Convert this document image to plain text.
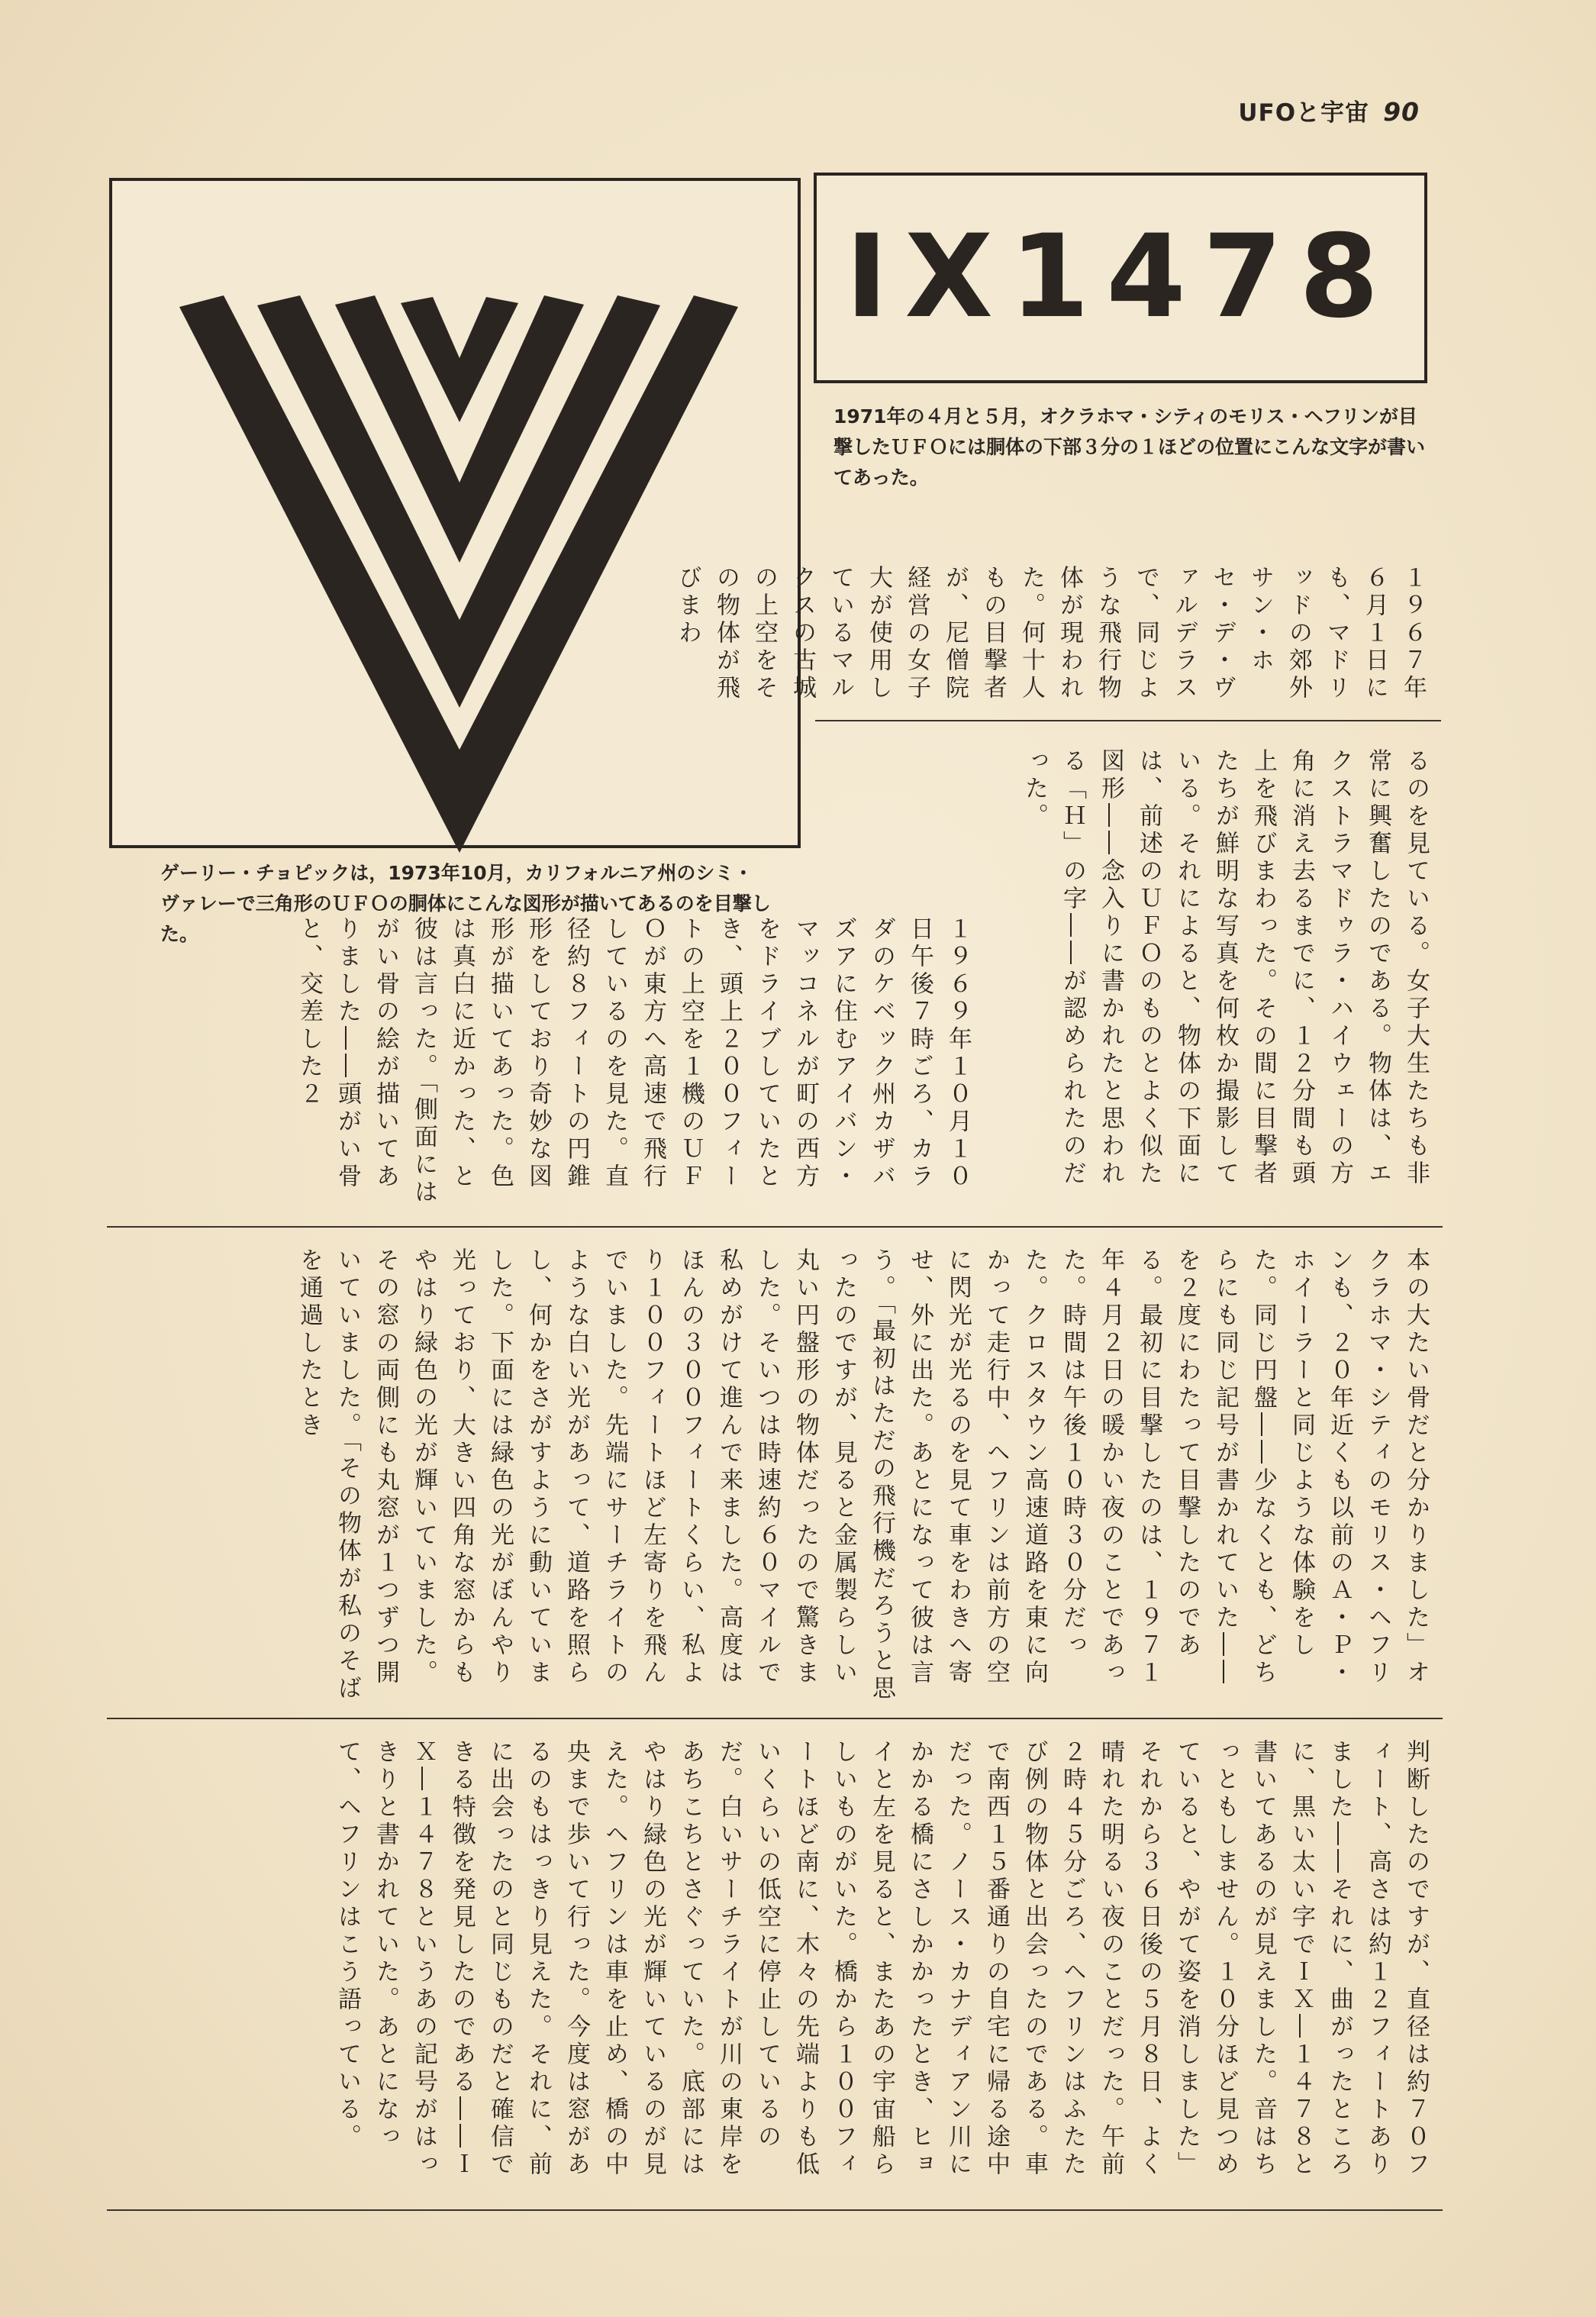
UFOと宇宙 90
ゲーリー・チョピックは，1973年10月，カリフォルニア州のシミ・ヴァレーで三角形のＵＦＯの胴体にこんな図形が描いてあるのを目撃した。
IX1478
1971年の４月と５月，オクラホマ・シティのモリス・ヘフリンが目撃したＵＦＯには胴体の下部３分の１ほどの位置にこんな文字が書いてあった。
１９６７年６月１日にも、マドリッドの郊外サン・ホセ・デ・ヴァルデラスで、同じような飛行物体が現われた。何十人もの目撃者が、尼僧院経営の女子大が使用しているマルクスの古城の上空をその物体が飛びまわ
るのを見ている。女子大生たちも非常に興奮したのである。物体は、エクストラマドゥラ・ハイウェーの方角に消え去るまでに、１２分間も頭上を飛びまわった。その間に目撃者たちが鮮明な写真を何枚か撮影している。それによると、物体の下面には、前述のＵＦＯのものとよく似た図形――念入りに書かれたと思われる「Ｈ」の字――が認められたのだった。
１９６９年１０月１０日午後７時ごろ、カラダのケベック州カザバズアに住むアイバン・マッコネルが町の西方をドライブしていたとき、頭上２００フィートの上空を１機のＵＦＯが東方へ高速で飛行しているのを見た。直径約８フィートの円錐形をしており奇妙な図形が描いてあった。色は真白に近かった、と彼は言った。「側面にはがい骨の絵が描いてありました――頭がい骨と、交差した２
本の大たい骨だと分かりました」オクラホマ・シティのモリス・ヘフリンも、２０年近くも以前のＡ・Ｐ・ホイーラーと同じような体験をした。同じ円盤――少なくとも、どちらにも同じ記号が書かれていた――を２度にわたって目撃したのである。最初に目撃したのは、１９７１年４月２日の暖かい夜のことであった。時間は午後１０時３０分だった。クロスタウン高速道路を東に向かって走行中、ヘフリンは前方の空に閃光が光るのを見て車をわきへ寄せ、外に出た。あとになって彼は言う。「最初はただの飛行機だろうと思ったのですが、見ると金属製らしい丸い円盤形の物体だったので驚きました。そいつは時速約６０マイルで私めがけて進んで来ました。高度はほんの３００フィートくらい、私より１００フィートほど左寄りを飛んでいました。先端にサーチライトのような白い光があって、道路を照らし、何かをさがすように動いていました。下面には緑色の光がぼんやり光っており、大きい四角な窓からもやはり緑色の光が輝いていました。その窓の両側にも丸窓が１つずつ開いていました。「その物体が私のそばを通過したとき
判断したのですが、直径は約７０フィート、高さは約１２フィートありました――それに、曲がったところに、黒い太い字でＩＸ―１４７８と書いてあるのが見えました。音はちっともしません。１０分ほど見つめていると、やがて姿を消しました」それから３６日後の５月８日、よく晴れた明るい夜のことだった。午前２時４５分ごろ、ヘフリンはふたたび例の物体と出会ったのである。車で南西１５番通りの自宅に帰る途中だった。ノース・カナディアン川にかかる橋にさしかかったとき、ヒョイと左を見ると、またあの宇宙船らしいものがいた。橋から１００フィートほど南に、木々の先端よりも低いくらいの低空に停止しているのだ。白いサーチライトが川の東岸をあちこちとさぐっていた。底部にはやはり緑色の光が輝いているのが見えた。ヘフリンは車を止め、橋の中央まで歩いて行った。今度は窓があるのもはっきり見えた。それに、前に出会ったのと同じものだと確信できる特徴を発見したのである――ＩＸ―１４７８というあの記号がはっきりと書かれていた。あとになって、ヘフリンはこう語っている。
